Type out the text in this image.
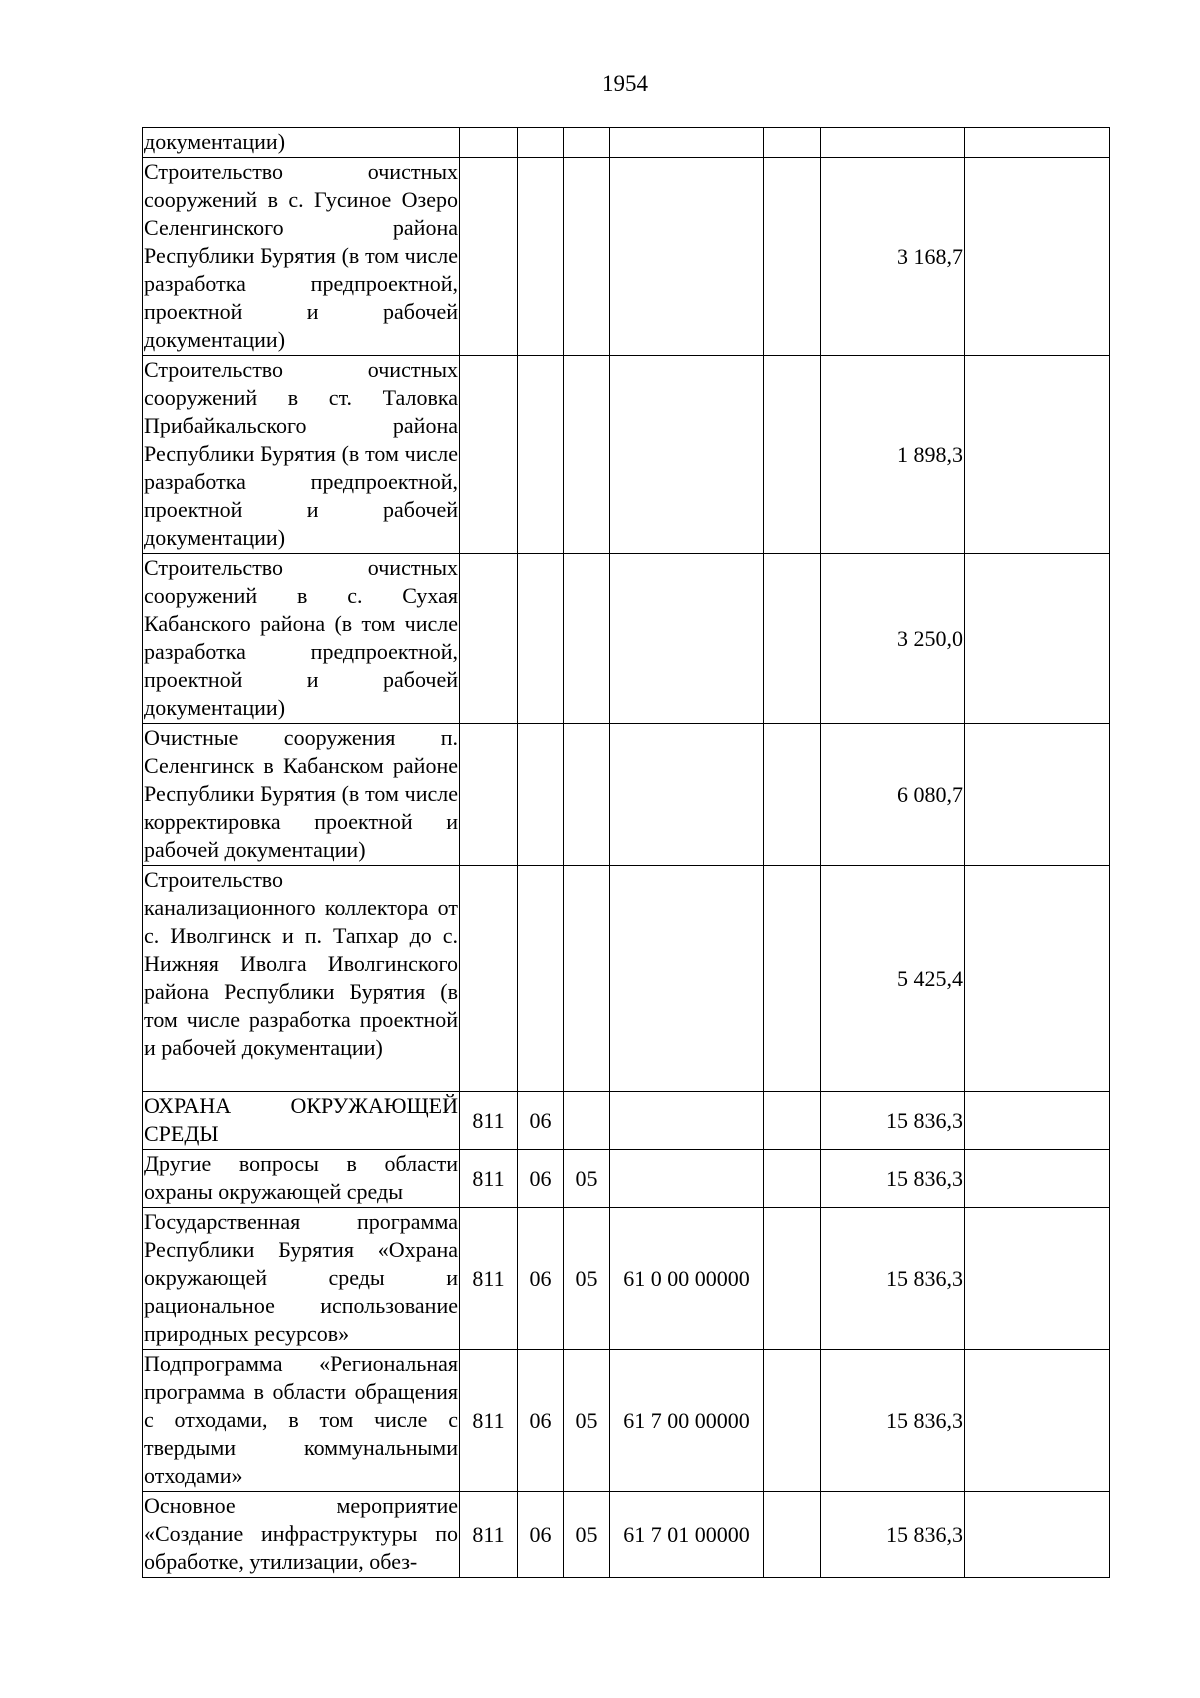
1954
документации)							
Строительство очистных сооружений в с. Гусиное Озеро Селенгинского района Республики Бурятия (в том числе разработка предпроектной, проектной и рабочей документации)						3 168,7	
Строительство очистных сооружений в ст. Таловка Прибайкальского района Республики Бурятия (в том числе разработка предпроектной, проектной и рабочей документации)						1 898,3	
Строительство очистных сооружений в с. Сухая Кабанского района (в том числе разработка предпроектной, проектной и рабочей документации)						3 250,0	
Очистные сооружения п. Селенгинск в Кабанском районе Республики Бурятия (в том числе корректировка проектной и рабочей документации)						6 080,7	
Строительство канализационного коллектора от с. Иволгинск и п. Тапхар до с. Нижняя Иволга Иволгинского района Республики Бурятия (в том числе разработка проектной и рабочей документации)						5 425,4	
ОХРАНА ОКРУЖАЮЩЕЙ СРЕДЫ	811	06				15 836,3	
Другие вопросы в области охраны окружающей среды	811	06	05			15 836,3	
Государственная программа Республики Бурятия «Охрана окружающей среды и рациональное использование природных ресурсов»	811	06	05	61 0 00 00000		15 836,3	
Подпрограмма «Региональная программа в области обращения с отходами, в том числе с твердыми коммунальными отходами»	811	06	05	61 7 00 00000		15 836,3	
Основное мероприятие «Создание инфраструктуры по обработке, утилизации, обез-	811	06	05	61 7 01 00000		15 836,3	
